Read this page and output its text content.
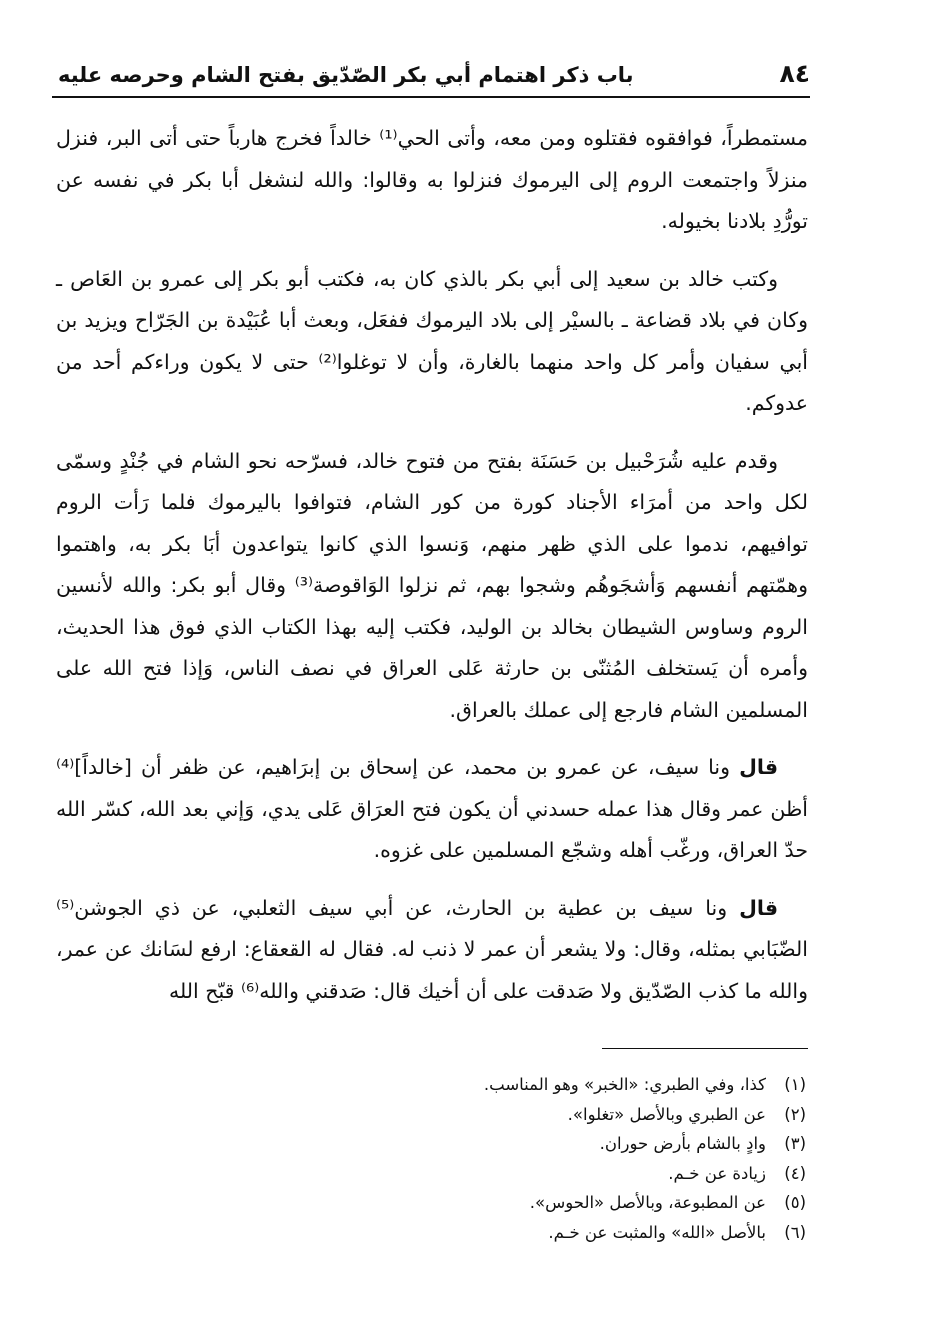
٨٤
باب ذكر اهتمام أبي بكر الصّدّيق بفتح الشام وحرصه عليه

مستمطراً، فوافقوه فقتلوه ومن معه، وأتى الحي⁽¹⁾ خالداً فخرج هارباً حتى أتى البر، فنزل منزلاً واجتمعت الروم إلى اليرموك فنزلوا به وقالوا: والله لنشغل أبا بكر في نفسه عن تورُّدِ بلادنا بخيوله.

وكتب خالد بن سعيد إلى أبي بكر بالذي كان به، فكتب أبو بكر إلى عمرو بن العَاص ـ وكان في بلاد قضاعة ـ بالسيْر إلى بلاد اليرموك ففعَل، وبعث أبا عُبَيْدة بن الجَرّاح ويزيد بن أبي سفيان وأمر كل واحد منهما بالغارة، وأن لا توغلوا⁽²⁾ حتى لا يكون وراءكم أحد من عدوكم.

وقدم عليه شُرَحْبيل بن حَسَنَة بفتح من فتوح خالد، فسرّحه نحو الشام في جُنْدٍ وسمّى لكل واحد من أمرَاء الأجناد كورة من كور الشام، فتوافوا باليرموك فلما رَأت الروم توافيهم، ندموا على الذي ظهر منهم، وَنسوا الذي كانوا يتواعدون أبَا بكر به، واهتموا وهمّتهم أنفسهم وَأشجَوهُم وشجوا بهم، ثم نزلوا الوَاقوصة⁽³⁾ وقال أبو بكر: والله لأنسين الروم وساوس الشيطان بخالد بن الوليد، فكتب إليه بهذا الكتاب الذي فوق هذا الحديث، وأمره أن يَستخلف المُثنّى بن حارثة عَلى العراق في نصف الناس، وَإذا فتح الله على المسلمين الشام فارجع إلى عملك بالعراق.

قال ونا سيف، عن عمرو بن محمد، عن إسحاق بن إبرَاهيم، عن ظفر أن [خالداً]⁽⁴⁾ أظن عمر وقال هذا عمله حسدني أن يكون فتح العرَاق عَلى يدي، وَإني بعد الله، كسّر الله حدّ العراق، ورغّب أهله وشجّع المسلمين على غزوه.

قال ونا سيف بن عطية بن الحارث، عن أبي سيف الثعلبي، عن ذي الجوشن⁽⁵⁾ الضّبَابي بمثله، وقال: ولا يشعر أن عمر لا ذنب له. فقال له القعقاع: ارفع لسَانك عن عمر، والله ما كذب الصّدّيق ولا صَدقت على أن أخيك قال: صَدقني والله⁽⁶⁾ قبّح الله

(١)كذا، وفي الطبري: «الخبر» وهو المناسب.
(٢)عن الطبري وبالأصل «تغلوا».
(٣)وادٍ بالشام بأرض حوران.
(٤)زيادة عن خـم.
(٥)عن المطبوعة، وبالأصل «الحوس».
(٦)بالأصل «الله» والمثبت عن خـم.
